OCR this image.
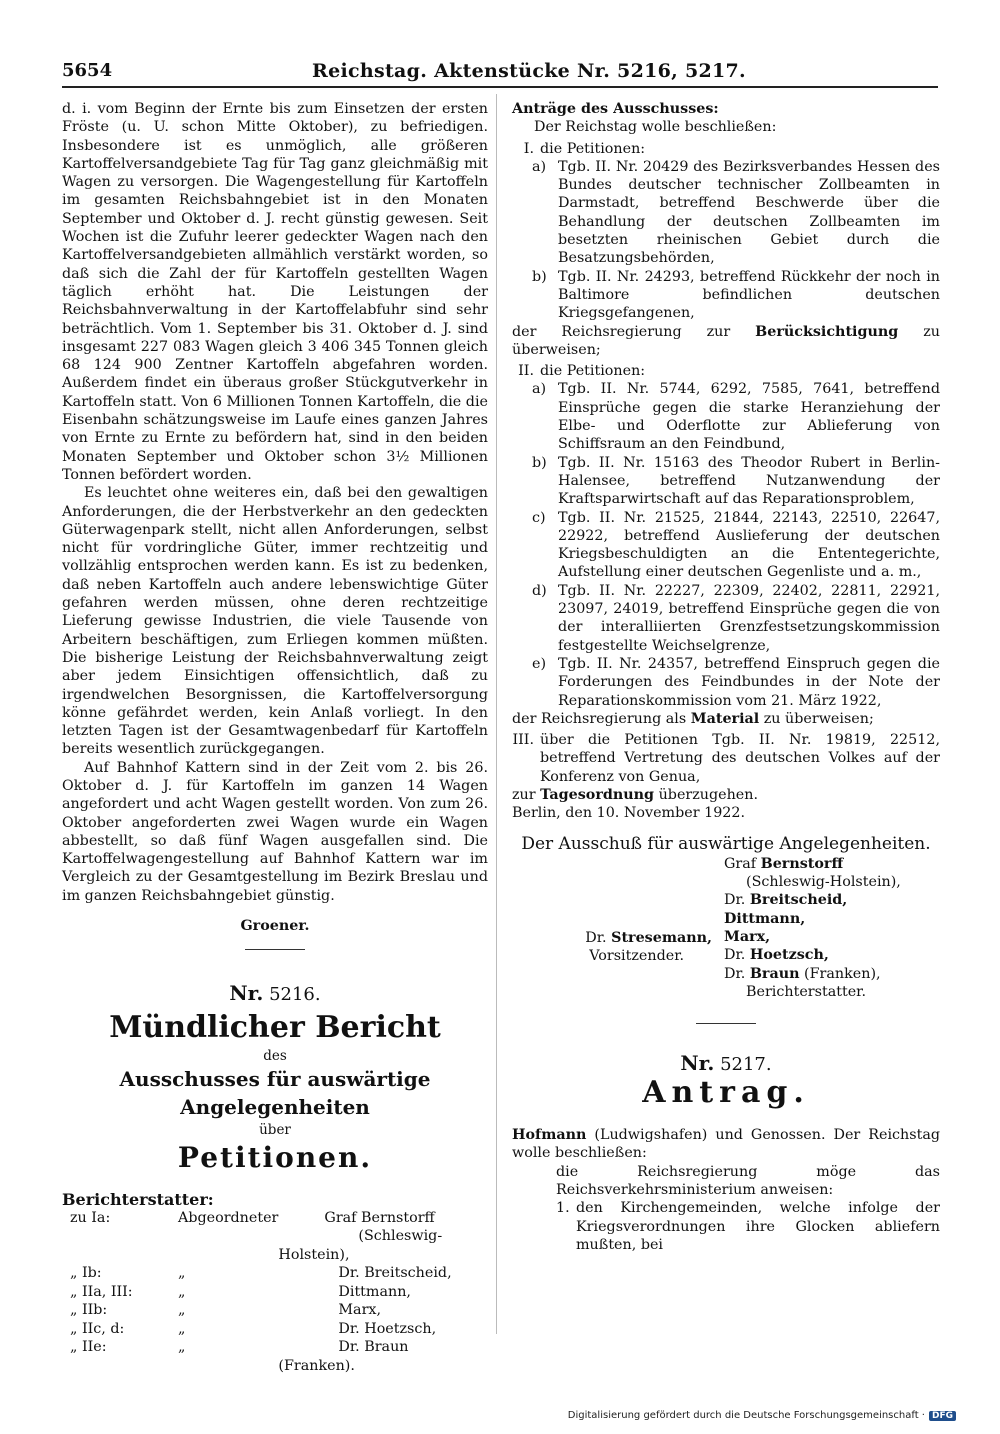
5654	Reichstag. Aktenstücke Nr. 5216, 5217.

d. i. vom Beginn der Ernte bis zum Einsetzen der ersten Fröste (u. U. schon Mitte Oktober), zu befriedigen. Insbesondere ist es unmöglich, alle größeren Kartoffelversandgebiete Tag für Tag ganz gleichmäßig mit Wagen zu versorgen. Die Wagengestellung für Kartoffeln im gesamten Reichsbahngebiet ist in den Monaten September und Oktober d. J. recht günstig gewesen. Seit Wochen ist die Zufuhr leerer gedeckter Wagen nach den Kartoffelversandgebieten allmählich verstärkt worden, so daß sich die Zahl der für Kartoffeln gestellten Wagen täglich erhöht hat. Die Leistungen der Reichsbahnverwaltung in der Kartoffelabfuhr sind sehr beträchtlich. Vom 1. September bis 31. Oktober d. J. sind insgesamt 227 083 Wagen gleich 3 406 345 Tonnen gleich 68 124 900 Zentner Kartoffeln abgefahren worden. Außerdem findet ein überaus großer Stückgutverkehr in Kartoffeln statt. Von 6 Millionen Tonnen Kartoffeln, die die Eisenbahn schätzungsweise im Laufe eines ganzen Jahres von Ernte zu Ernte zu befördern hat, sind in den beiden Monaten September und Oktober schon 3½ Millionen Tonnen befördert worden.

Es leuchtet ohne weiteres ein, daß bei den gewaltigen Anforderungen, die der Herbstverkehr an den gedeckten Güterwagenpark stellt, nicht allen Anforderungen, selbst nicht für vordringliche Güter, immer rechtzeitig und vollzählig entsprochen werden kann. Es ist zu bedenken, daß neben Kartoffeln auch andere lebenswichtige Güter gefahren werden müssen, ohne deren rechtzeitige Lieferung gewisse Industrien, die viele Tausende von Arbeitern beschäftigen, zum Erliegen kommen müßten. Die bisherige Leistung der Reichsbahnverwaltung zeigt aber jedem Einsichtigen offensichtlich, daß zu irgendwelchen Besorgnissen, die Kartoffelversorgung könne gefährdet werden, kein Anlaß vorliegt. In den letzten Tagen ist der Gesamtwagenbedarf für Kartoffeln bereits wesentlich zurückgegangen.

Auf Bahnhof Kattern sind in der Zeit vom 2. bis 26. Oktober d. J. für Kartoffeln im ganzen 14 Wagen angefordert und acht Wagen gestellt worden. Von zum 26. Oktober angeforderten zwei Wagen wurde ein Wagen abbestellt, so daß fünf Wagen ausgefallen sind. Die Kartoffelwagengestellung auf Bahnhof Kattern war im Vergleich zu der Gesamtgestellung im Bezirk Breslau und im ganzen Reichsbahngebiet günstig.

Groener.
Nr. 5216.
Mündlicher Bericht
des
Ausschusses für auswärtige Angelegenheiten
über
Petitionen.
Berichterstatter:
zu Ia:	Abgeordneter	Graf Bernstorff
		(Schleswig-Holstein),
„ Ib:	„	Dr. Breitscheid,
„ IIa, III:	„	Dittmann,
„ IIb:	„	Marx,
„ IIc, d:	„	Dr. Hoetzsch,
„ IIe:	„	Dr. Braun (Franken).
Anträge des Ausschusses:

Der Reichstag wolle beschließen:

I. die Petitionen:
a) Tgb. II. Nr. 20429 des Bezirksverbandes Hessen des Bundes deutscher technischer Zollbeamten in Darmstadt, betreffend Beschwerde über die Behandlung der deutschen Zollbeamten im besetzten rheinischen Gebiet durch die Besatzungsbehörden,
b) Tgb. II. Nr. 24293, betreffend Rückkehr der noch in Baltimore befindlichen deutschen Kriegsgefangenen,

der Reichsregierung zur Berücksichtigung zu überweisen;

II. die Petitionen:
a) Tgb. II. Nr. 5744, 6292, 7585, 7641, betreffend Einsprüche gegen die starke Heranziehung der Elbe- und Oderflotte zur Ablieferung von Schiffsraum an den Feindbund,
b) Tgb. II. Nr. 15163 des Theodor Rubert in Berlin-Halensee, betreffend Nutzanwendung der Kraftsparwirtschaft auf das Reparationsproblem,
c) Tgb. II. Nr. 21525, 21844, 22143, 22510, 22647, 22922, betreffend Auslieferung der deutschen Kriegsbeschuldigten an die Ententegerichte, Aufstellung einer deutschen Gegenliste und a. m.,
d) Tgb. II. Nr. 22227, 22309, 22402, 22811, 22921, 23097, 24019, betreffend Einsprüche gegen die von der interalliierten Grenzfestsetzungskommission festgestellte Weichselgrenze,
e) Tgb. II. Nr. 24357, betreffend Einspruch gegen die Forderungen des Feindbundes in der Note der Reparationskommission vom 21. März 1922,

der Reichsregierung als Material zu überweisen;

III. über die Petitionen Tgb. II. Nr. 19819, 22512, betreffend Vertretung des deutschen Volkes auf der Konferenz von Genua,

zur Tagesordnung überzugehen.

Berlin, den 10. November 1922.

Der Ausschuß für auswärtige Angelegenheiten.
Graf Bernstorff
(Schleswig-Holstein),
Dr. Breitscheid,
Dittmann,
Marx,
Dr. Hoetzsch,
Dr. Braun (Franken),
Berichterstatter.
Dr. Stresemann,
Vorsitzender.
Nr. 5217.
Antrag.

Hofmann (Ludwigshafen) und Genossen. Der Reichstag wolle beschließen:

die Reichsregierung möge das Reichsverkehrsministerium anweisen:

1. den Kirchengemeinden, welche infolge der Kriegsverordnungen ihre Glocken abliefern mußten, bei
Digitalisierung gefördert durch die Deutsche Forschungsgemeinschaft · DFG
